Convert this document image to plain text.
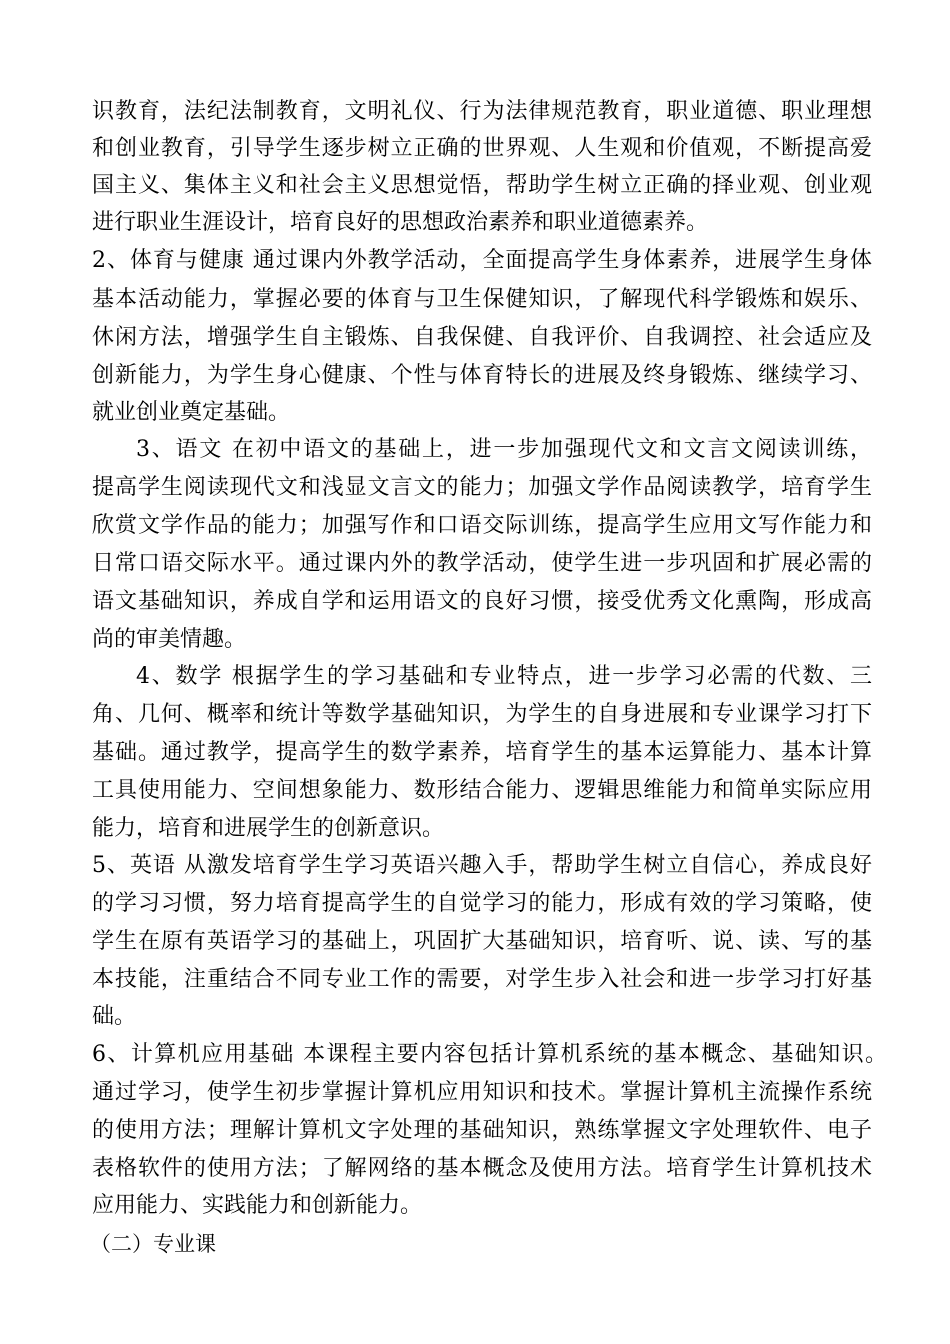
识教育，法纪法制教育，文明礼仪、行为法律规范教育，职业道德、职业理想
和创业教育，引导学生逐步树立正确的世界观、人生观和价值观，不断提高爱
国主义、集体主义和社会主义思想觉悟，帮助学生树立正确的择业观、创业观
进行职业生涯设计，培育良好的思想政治素养和职业道德素养。
2、体育与健康 通过课内外教学活动，全面提高学生身体素养，进展学生身体
基本活动能力，掌握必要的体育与卫生保健知识，了解现代科学锻炼和娱乐、
休闲方法，增强学生自主锻炼、自我保健、自我评价、自我调控、社会适应及
创新能力，为学生身心健康、个性与体育特长的进展及终身锻炼、继续学习、
就业创业奠定基础。
3、语文 在初中语文的基础上，进一步加强现代文和文言文阅读训练，
提高学生阅读现代文和浅显文言文的能力；加强文学作品阅读教学，培育学生
欣赏文学作品的能力；加强写作和口语交际训练，提高学生应用文写作能力和
日常口语交际水平。通过课内外的教学活动，使学生进一步巩固和扩展必需的
语文基础知识，养成自学和运用语文的良好习惯，接受优秀文化熏陶，形成高
尚的审美情趣。
4、数学 根据学生的学习基础和专业特点，进一步学习必需的代数、三
角、几何、概率和统计等数学基础知识，为学生的自身进展和专业课学习打下
基础。通过教学，提高学生的数学素养，培育学生的基本运算能力、基本计算
工具使用能力、空间想象能力、数形结合能力、逻辑思维能力和简单实际应用
能力，培育和进展学生的创新意识。
5、英语 从激发培育学生学习英语兴趣入手，帮助学生树立自信心，养成良好
的学习习惯，努力培育提高学生的自觉学习的能力，形成有效的学习策略，使
学生在原有英语学习的基础上，巩固扩大基础知识，培育听、说、读、写的基
本技能，注重结合不同专业工作的需要，对学生步入社会和进一步学习打好基
础。
6、计算机应用基础 本课程主要内容包括计算机系统的基本概念、基础知识。
通过学习，使学生初步掌握计算机应用知识和技术。掌握计算机主流操作系统
的使用方法；理解计算机文字处理的基础知识，熟练掌握文字处理软件、电子
表格软件的使用方法；了解网络的基本概念及使用方法。培育学生计算机技术
应用能力、实践能力和创新能力。
（二）专业课
